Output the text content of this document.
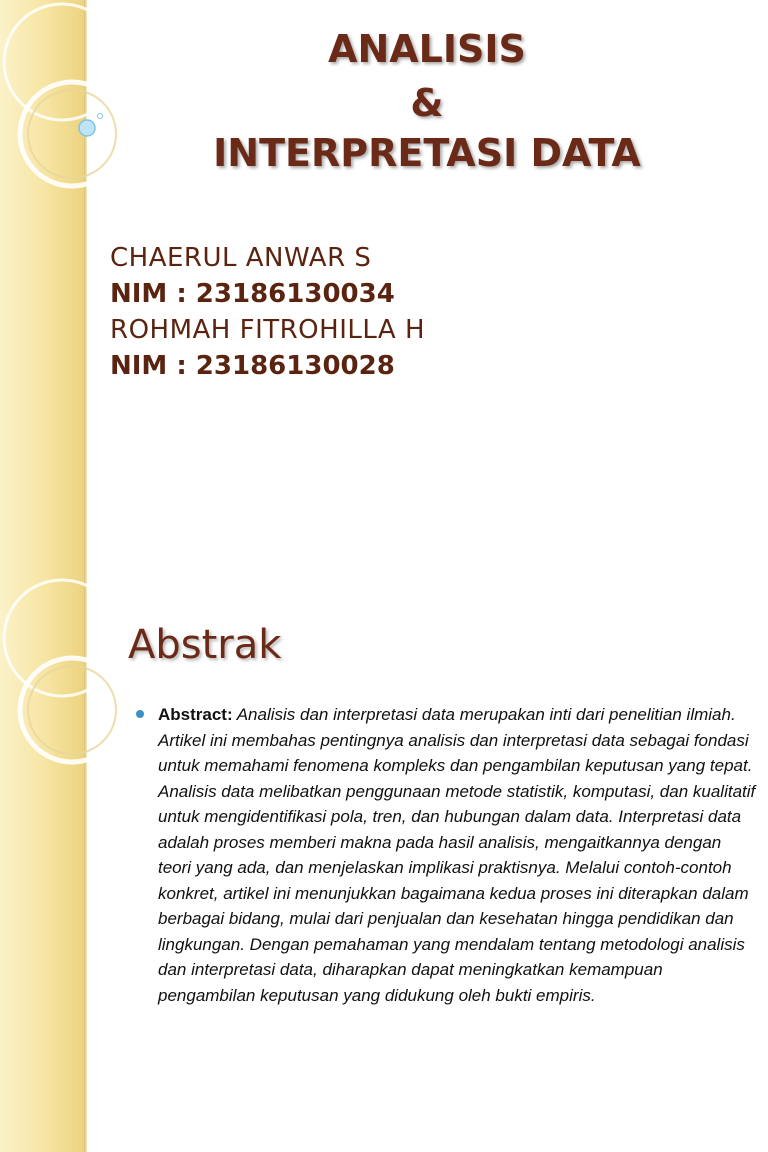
ANALISIS
&
INTERPRETASI DATA
CHAERUL ANWAR S
NIM : 23186130034
ROHMAH FITROHILLA H
NIM : 23186130028
Abstrak
Abstract: Analisis dan interpretasi data merupakan inti dari penelitian ilmiah. Artikel ini membahas pentingnya analisis dan interpretasi data sebagai fondasi untuk memahami fenomena kompleks dan pengambilan keputusan yang tepat. Analisis data melibatkan penggunaan metode statistik, komputasi, dan kualitatif untuk mengidentifikasi pola, tren, dan hubungan dalam data. Interpretasi data adalah proses memberi makna pada hasil analisis, mengaitkannya dengan teori yang ada, dan menjelaskan implikasi praktisnya. Melalui contoh-contoh konkret, artikel ini menunjukkan bagaimana kedua proses ini diterapkan dalam berbagai bidang, mulai dari penjualan dan kesehatan hingga pendidikan dan lingkungan. Dengan pemahaman yang mendalam tentang metodologi analisis dan interpretasi data, diharapkan dapat meningkatkan kemampuan pengambilan keputusan yang didukung oleh bukti empiris.
